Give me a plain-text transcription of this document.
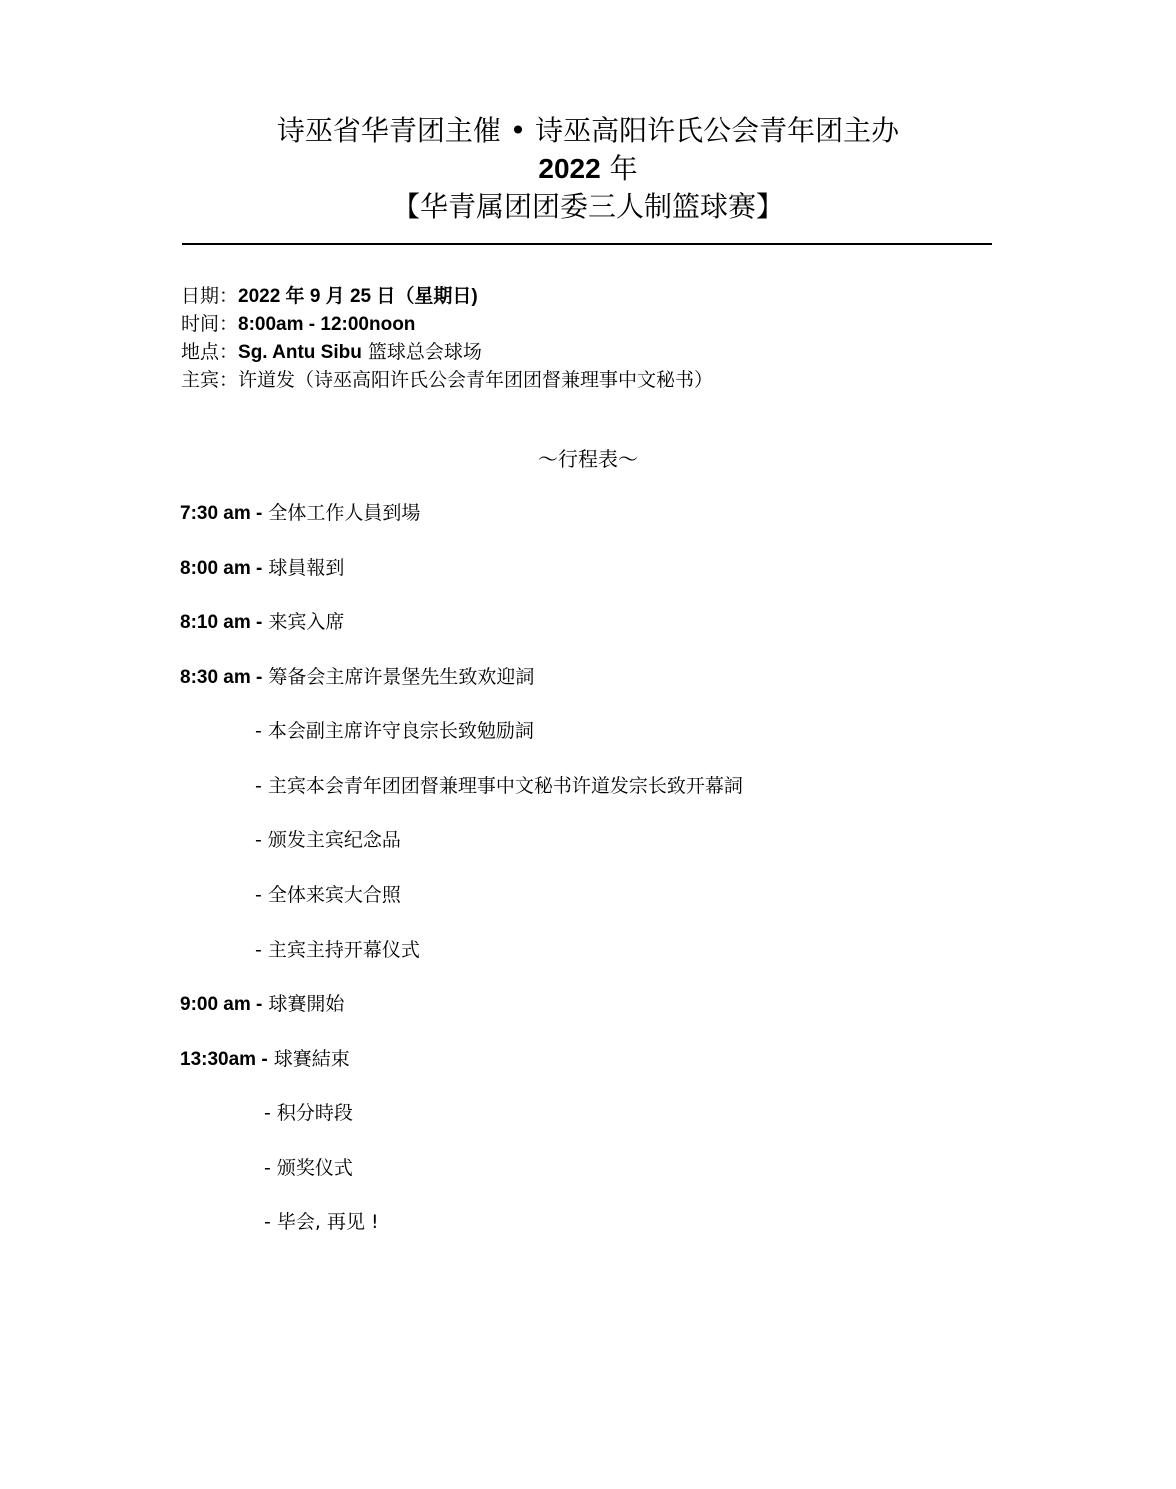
诗巫省华青团主催 • 诗巫高阳许氏公会青年团主办
2022 年
【华青属团团委三人制篮球赛】
日期：2022 年 9 月 25 日（星期日)
时间：8:00am - 12:00noon
地点：Sg. Antu Sibu 篮球总会球场
主宾：许道发（诗巫高阳许氏公会青年团团督兼理事中文秘书）
～行程表～
7:30 am - 全体工作人員到場
8:00 am - 球員報到
8:10 am - 来宾入席
8:30 am - 筹备会主席许景堡先生致欢迎詞
- 本会副主席许守良宗长致勉励詞
- 主宾本会青年团团督兼理事中文秘书许道发宗长致开幕詞
- 颁发主宾纪念品
- 全体来宾大合照
- 主宾主持开幕仪式
9:00 am - 球賽開始
13:30am - 球賽結束
- 积分時段
- 颁奖仪式
- 毕会, 再见 !
